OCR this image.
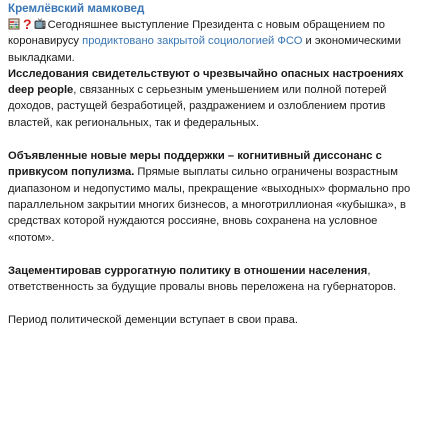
Кремлёвский мамковед

? Сегодняшнее выступление Президента с новым обращением по коронавирусу продиктовано закрытой социологией ФСО и экономическими выкладками.

Исследования свидетельствуют о чрезвычайно опасных настроениях deep people, связанных с серьезным уменьшением или полной потерей доходов, растущей безработицей, раздражением и озлоблением против властей, как региональных, так и федеральных.

Объявленные новые меры поддержки – когнитивный диссонанс с привкусом популизма. Прямые выплаты сильно ограничены возрастным диапазоном и недопустимо малы, прекращение «выходных» формально про параллельном закрытии многих бизнесов, а многотриллионая «кубышка», в средствах которой нуждаются россияне, вновь сохранена на условное «потом».

Зацементировав суррогатную политику в отношении населения, ответственность за будущие провалы вновь переложена на губернаторов.

Период политической деменции вступает в свои права.
